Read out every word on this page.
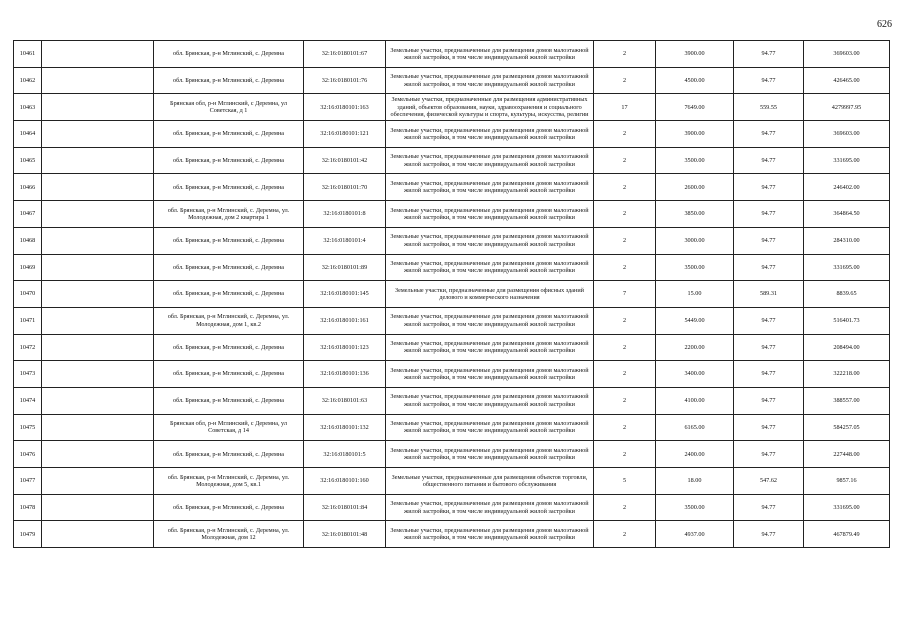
626
10461		обл. Брянская, р-н Мглинский, с. Деремна	32:16:0180101:67	Земельные участки, предназначенные для размещения домов малоэтажной жилой застройки, в том числе индивидуальной жилой застройки	2	3900.00	94.77	369603.00
10462		обл. Брянская, р-н Мглинский, с. Деремна	32:16:0180101:76	Земельные участки, предназначенные для размещения домов малоэтажной жилой застройки, в том числе индивидуальной жилой застройки	2	4500.00	94.77	426465.00
10463		Брянская обл, р-н Мглинский, с Деремна, ул Советская, д 1	32:16:0180101:163	Земельные участки, предназначенные для размещения административных зданий, объектов образования, науки, здравоохранения и социального обеспечения, физической культуры и спорта, культуры, искусства, религии	17	7649.00	559.55	4279997.95
10464		обл. Брянская, р-н Мглинский, с. Деремна	32:16:0180101:121	Земельные участки, предназначенные для размещения домов малоэтажной жилой застройки, в том числе индивидуальной жилой застройки	2	3900.00	94.77	369603.00
10465		обл. Брянская, р-н Мглинский, с. Деремна	32:16:0180101:42	Земельные участки, предназначенные для размещения домов малоэтажной жилой застройки, в том числе индивидуальной жилой застройки	2	3500.00	94.77	331695.00
10466		обл. Брянская, р-н Мглинский, с. Деремна	32:16:0180101:70	Земельные участки, предназначенные для размещения домов малоэтажной жилой застройки, в том числе индивидуальной жилой застройки	2	2600.00	94.77	246402.00
10467		обл. Брянская, р-н Мглинский, с. Деремна, ул. Молодежная, дом 2 квартира 1	32:16:0180101:8	Земельные участки, предназначенные для размещения домов малоэтажной жилой застройки, в том числе индивидуальной жилой застройки	2	3850.00	94.77	364864.50
10468		обл. Брянская, р-н Мглинский, с. Деремна	32:16:0180101:4	Земельные участки, предназначенные для размещения домов малоэтажной жилой застройки, в том числе индивидуальной жилой застройки	2	3000.00	94.77	284310.00
10469		обл. Брянская, р-н Мглинский, с. Деремна	32:16:0180101:89	Земельные участки, предназначенные для размещения домов малоэтажной жилой застройки, в том числе индивидуальной жилой застройки	2	3500.00	94.77	331695.00
10470		обл. Брянская, р-н Мглинский, с. Деремна	32:16:0180101:145	Земельные участки, предназначенные для размещения офисных зданий делового и коммерческого назначения	7	15.00	589.31	8839.65
10471		обл. Брянская, р-н Мглинский, с. Деремна, ул. Молодежная, дом 1, кв.2	32:16:0180101:161	Земельные участки, предназначенные для размещения домов малоэтажной жилой застройки, в том числе индивидуальной жилой застройки	2	5449.00	94.77	516401.73
10472		обл. Брянская, р-н Мглинский, с. Деремна	32:16:0180101:123	Земельные участки, предназначенные для размещения домов малоэтажной жилой застройки, в том числе индивидуальной жилой застройки	2	2200.00	94.77	208494.00
10473		обл. Брянская, р-н Мглинский, с. Деремна	32:16:0180101:136	Земельные участки, предназначенные для размещения домов малоэтажной жилой застройки, в том числе индивидуальной жилой застройки	2	3400.00	94.77	322218.00
10474		обл. Брянская, р-н Мглинский, с. Деремна	32:16:0180101:63	Земельные участки, предназначенные для размещения домов малоэтажной жилой застройки, в том числе индивидуальной жилой застройки	2	4100.00	94.77	388557.00
10475		Брянская обл, р-н Мглинский, с Деремна, ул Советская, д 14	32:16:0180101:132	Земельные участки, предназначенные для размещения домов малоэтажной жилой застройки, в том числе индивидуальной жилой застройки	2	6165.00	94.77	584257.05
10476		обл. Брянская, р-н Мглинский, с. Деремна	32:16:0180101:5	Земельные участки, предназначенные для размещения домов малоэтажной жилой застройки, в том числе индивидуальной жилой застройки	2	2400.00	94.77	227448.00
10477		обл. Брянская, р-н Мглинский, с. Деремна, ул. Молодежная, дом 5, кв.1	32:16:0180101:160	Земельные участки, предназначенные для размещения объектов торговли, общественного питания и бытового обслуживания	5	18.00	547.62	9857.16
10478		обл. Брянская, р-н Мглинский, с. Деремна	32:16:0180101:84	Земельные участки, предназначенные для размещения домов малоэтажной жилой застройки, в том числе индивидуальной жилой застройки	2	3500.00	94.77	331695.00
10479		обл. Брянская, р-н Мглинский, с. Деремна, ул. Молодежная, дом 12	32:16:0180101:48	Земельные участки, предназначенные для размещения домов малоэтажной жилой застройки, в том числе индивидуальной жилой застройки	2	4937.00	94.77	467879.49
